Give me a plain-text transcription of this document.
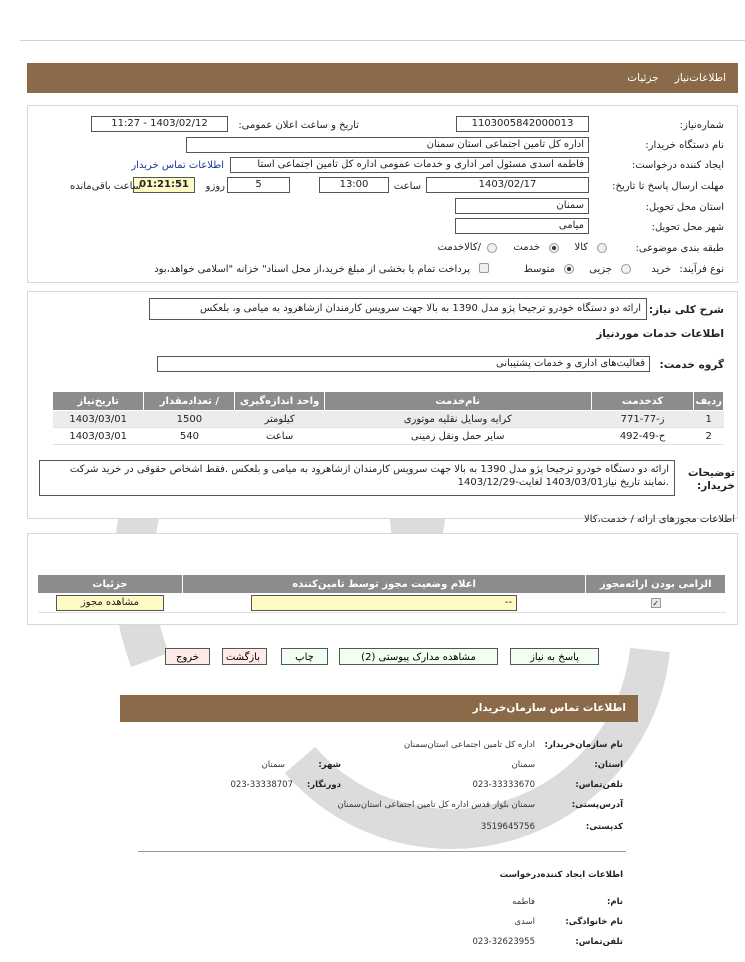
اطلاعات‌نیاز
جزئیات
شماره‌نیاز:
1103005842000013
تاریخ و ساعت اعلان عمومی:
1403/02/12 - 11:27
نام دستگاه خریدار:
اداره کل تامین اجتماعی استان سمنان
ایجاد کننده درخواست:
فاطمه اسدی مسئول امر اداری و خدمات عمومی اداره کل تامین اجتماعی استا
اطلاعات تماس خریدار
مهلت ارسال پاسخ تا تاریخ:
1403/02/17
ساعت
13:00
5
روزو
01:21:51
ساعت باقی‌مانده
استان محل تحویل:
سمنان
شهر محل تحویل:
میامی
طبقه بندی موضوعی:
کالا
خدمت
/کالاخدمت
نوع فرآیند:
خرید
جزیی
متوسط
پرداخت تمام یا بخشی از مبلغ خرید،از محل اسناد" خزانه "اسلامی خواهد،بود
شرح کلی نیاز:
ارائه دو دستگاه خودرو ترجیحا پژو مدل 1390 به بالا جهت سرویس کارمندان ازشاهرود به میامی و، بلعکس
اطلاعات خدمات موردنیاز
گروه خدمت:
فعالیت‌های اداری و خدمات پشتیبانی
ردیف	کدخدمت	نام‌خدمت	واحد اندازه‌گیری	/ تعدادمقدار	تاریخ‌نیاز
1	ز-77-771	کرایه وسایل نقلیه موتوری	کیلومتر	1500	1403/03/01
2	ح-49-492	سایر حمل ونقل زمینی	ساعت	540	1403/03/01
توضیحات خریدار:
ارائه دو دستگاه خودرو ترجیحا پژو مدل 1390 به بالا جهت سرویس کارمندان ازشاهرود به میامی و بلعکس .فقط اشخاص حقوقی در خرید شرکت .نمایند تاریخ نیاز1403/03/01 لغایت-1403/12/29
اطلاعات مجوزهای ارائه / خدمت،کالا
الزامی بودن ارائه‌مجوز	اعلام وضعیت مجوز توسط تامین‌کننده	جزئیات
✓	--	مشاهده مجوز
پاسخ به نیاز
مشاهده مدارک پیوستی (2)
چاپ
بازگشت
خروج
اطلاعات تماس سازمان‌خریدار
نام سازمان‌خریدار:
اداره کل تامین اجتماعی استان‌سمنان
استان:
سمنان
شهر:
سمنان
تلفن‌تماس:
023-33333670
دورنگار:
023-33338707
آدرس‌پستی:
سمنان بلوار قدس اداره کل تامین اجتماعی استان‌سمنان
کدپستی:
3519645756
اطلاعات ایجاد کننده‌درخواست
نام:
فاطمه
نام خانوادگی:
اسدی
تلفن‌تماس:
023-32623955
